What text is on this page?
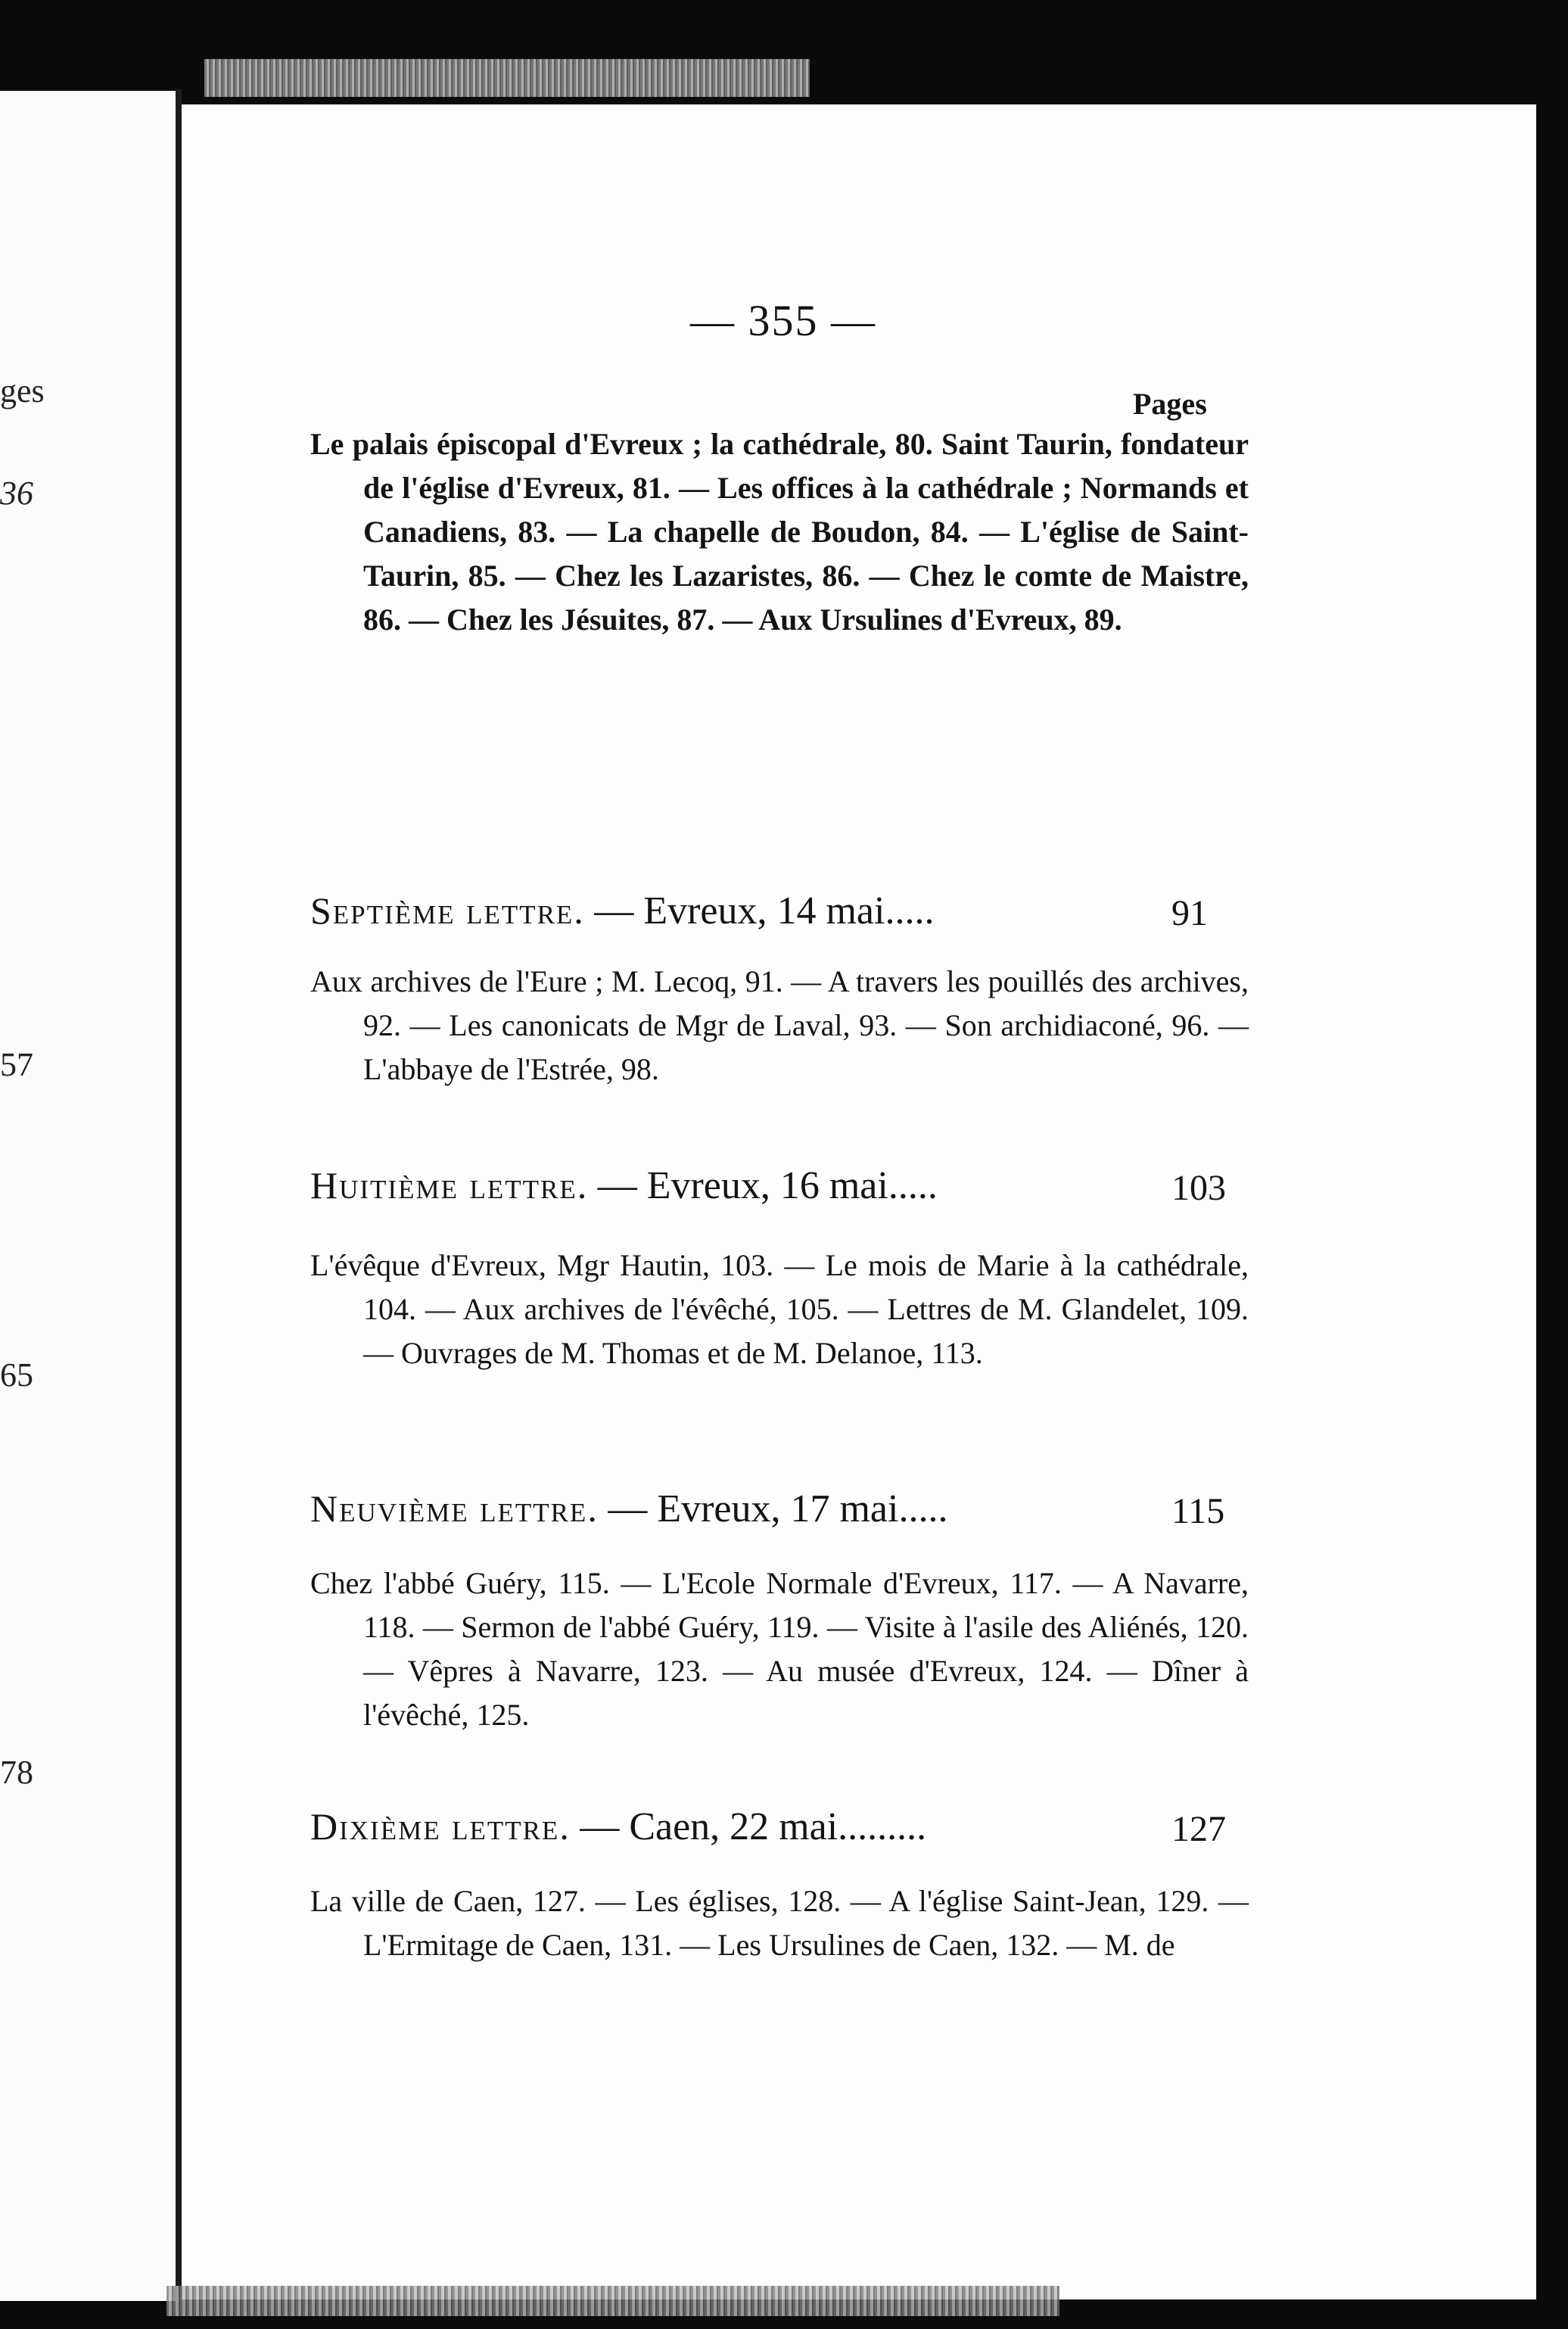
ges
36
57
65
78
— 355 —
Pages
Le palais épiscopal d'Evreux ; la cathédrale, 80. Saint Taurin, fondateur de l'église d'Evreux, 81. — Les offices à la cathédrale ; Normands et Canadiens, 83. — La chapelle de Boudon, 84. — L'église de Saint-Taurin, 85. — Chez les Lazaristes, 86. — Chez le comte de Maistre, 86. — Chez les Jésuites, 87. — Aux Ursulines d'Evreux, 89.
Septième lettre. — Evreux, 14 mai.....	91
Aux archives de l'Eure ; M. Lecoq, 91. — A travers les pouillés des archives, 92. — Les canonicats de Mgr de Laval, 93. — Son archidiaconé, 96. — L'abbaye de l'Estrée, 98.
Huitième lettre. — Evreux, 16 mai.....	103
L'évêque d'Evreux, Mgr Hautin, 103. — Le mois de Marie à la cathédrale, 104. — Aux archives de l'évêché, 105. — Lettres de M. Glandelet, 109. — Ouvrages de M. Thomas et de M. Delanoe, 113.
Neuvième lettre. — Evreux, 17 mai.....	115
Chez l'abbé Guéry, 115. — L'Ecole Normale d'Evreux, 117. — A Navarre, 118. — Sermon de l'abbé Guéry, 119. — Visite à l'asile des Aliénés, 120. — Vêpres à Navarre, 123. — Au musée d'Evreux, 124. — Dîner à l'évêché, 125.
Dixième lettre. — Caen, 22 mai.........	127
La ville de Caen, 127. — Les églises, 128. — A l'église Saint-Jean, 129. — L'Ermitage de Caen, 131. — Les Ursulines de Caen, 132. — M. de
